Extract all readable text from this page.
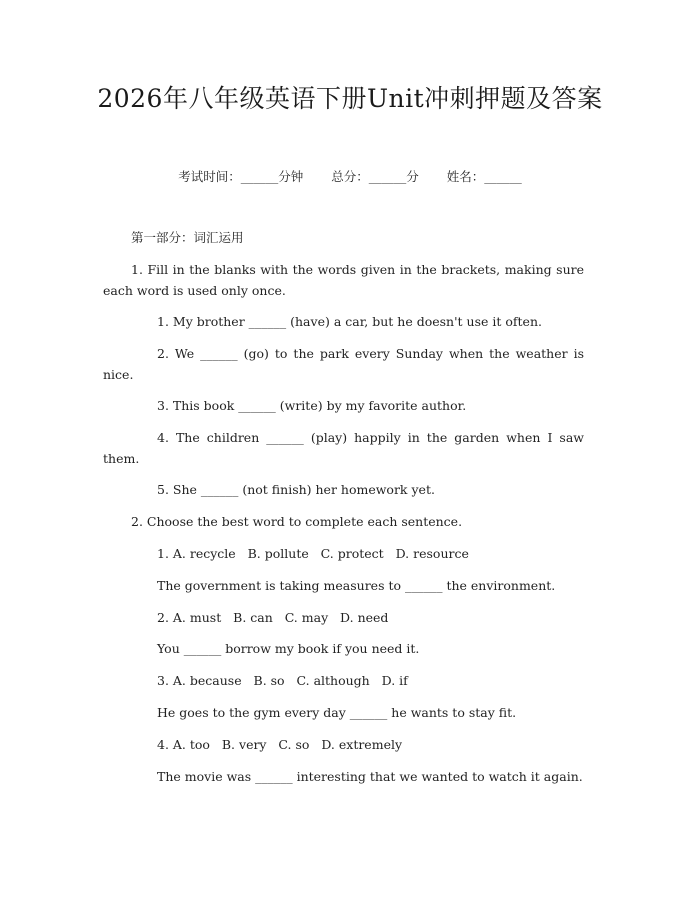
2026年八年级英语下册Unit冲刺押题及答案
考试时间：______分钟 总分：______分 姓名：______
第一部分：词汇运用
1. Fill in the blanks with the words given in the brackets, making sure each word is used only once.
1. My brother ______ (have) a car, but he doesn't use it often.
2. We ______ (go) to the park every Sunday when the weather is nice.
3. This book ______ (write) by my favorite author.
4. The children ______ (play) happily in the garden when I saw them.
5. She ______ (not finish) her homework yet.
2. Choose the best word to complete each sentence.
1. A. recycle   B. pollute   C. protect   D. resource
The government is taking measures to ______ the environment.
2. A. must   B. can   C. may   D. need
You ______ borrow my book if you need it.
3. A. because   B. so   C. although   D. if
He goes to the gym every day ______ he wants to stay fit.
4. A. too   B. very   C. so   D. extremely
The movie was ______ interesting that we wanted to watch it again.
